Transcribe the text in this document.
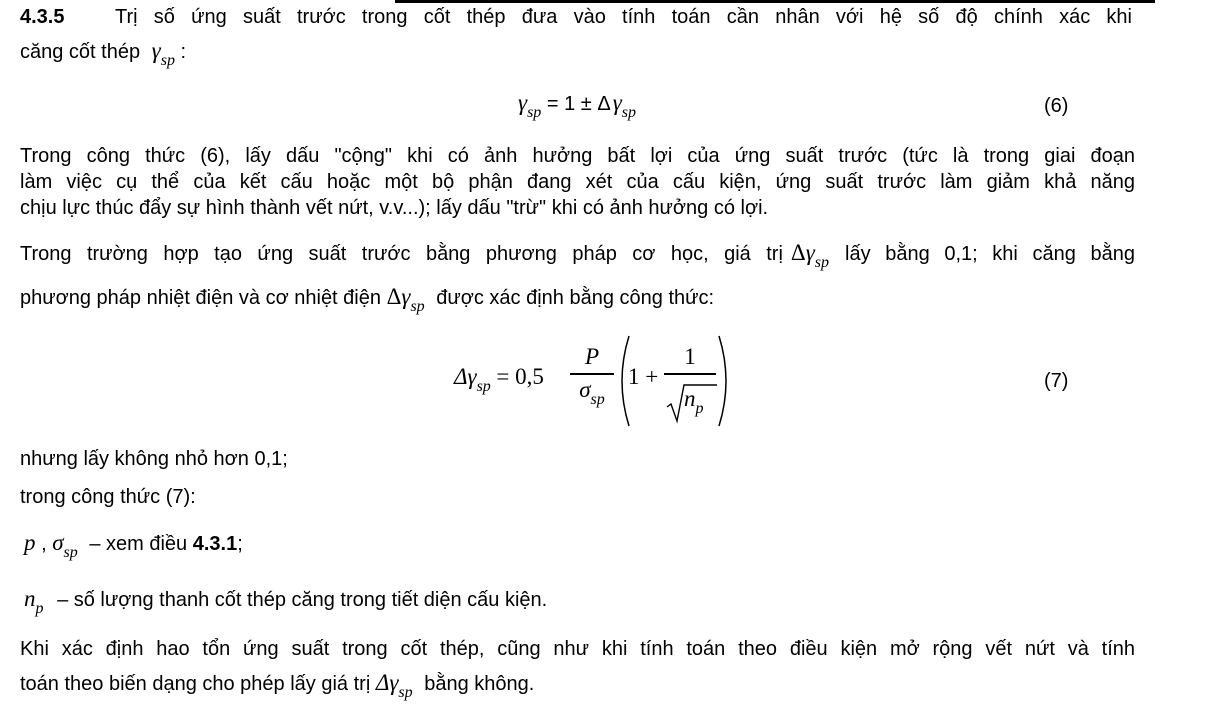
4.3.5	Trị số ứng suất trước trong cốt thép đưa vào tính toán cần nhân với hệ số độ chính xác khi
căng cốt thép $\gamma_{sp}$ :
$\gamma_{sp} = 1 \pm \Delta\gamma_{sp}$	(6)
Trong công thức (6), lấy dấu "cộng" khi có ảnh hưởng bất lợi của ứng suất trước (tức là trong giai đoạn
làm việc cụ thể của kết cấu hoặc một bộ phận đang xét của cấu kiện, ứng suất trước làm giảm khả năng
chịu lực thúc đẩy sự hình thành vết nứt, v.v...); lấy dấu "trừ" khi có ảnh hưởng có lợi.
Trong trường hợp tạo ứng suất trước bằng phương pháp cơ học, giá trị $\Delta\gamma_{sp}$ lấy bằng 0,1; khi căng bằng
phương pháp nhiệt điện và cơ nhiệt điện $\Delta\gamma_{sp}$ được xác định bằng công thức:
$\Delta\gamma_{sp} = 0,5$
P
$\sigma_{sp}$
1 +
1
$n_p$
(7)
nhưng lấy không nhỏ hơn 0,1;
trong công thức (7):
p , $\sigma_{sp}$ – xem điều 4.3.1;
$n_p$ – số lượng thanh cốt thép căng trong tiết diện cấu kiện.
Khi xác định hao tổn ứng suất trong cốt thép, cũng như khi tính toán theo điều kiện mở rộng vết nứt và tính
toán theo biến dạng cho phép lấy giá trị $\Delta\gamma_{sp}$ bằng không.
